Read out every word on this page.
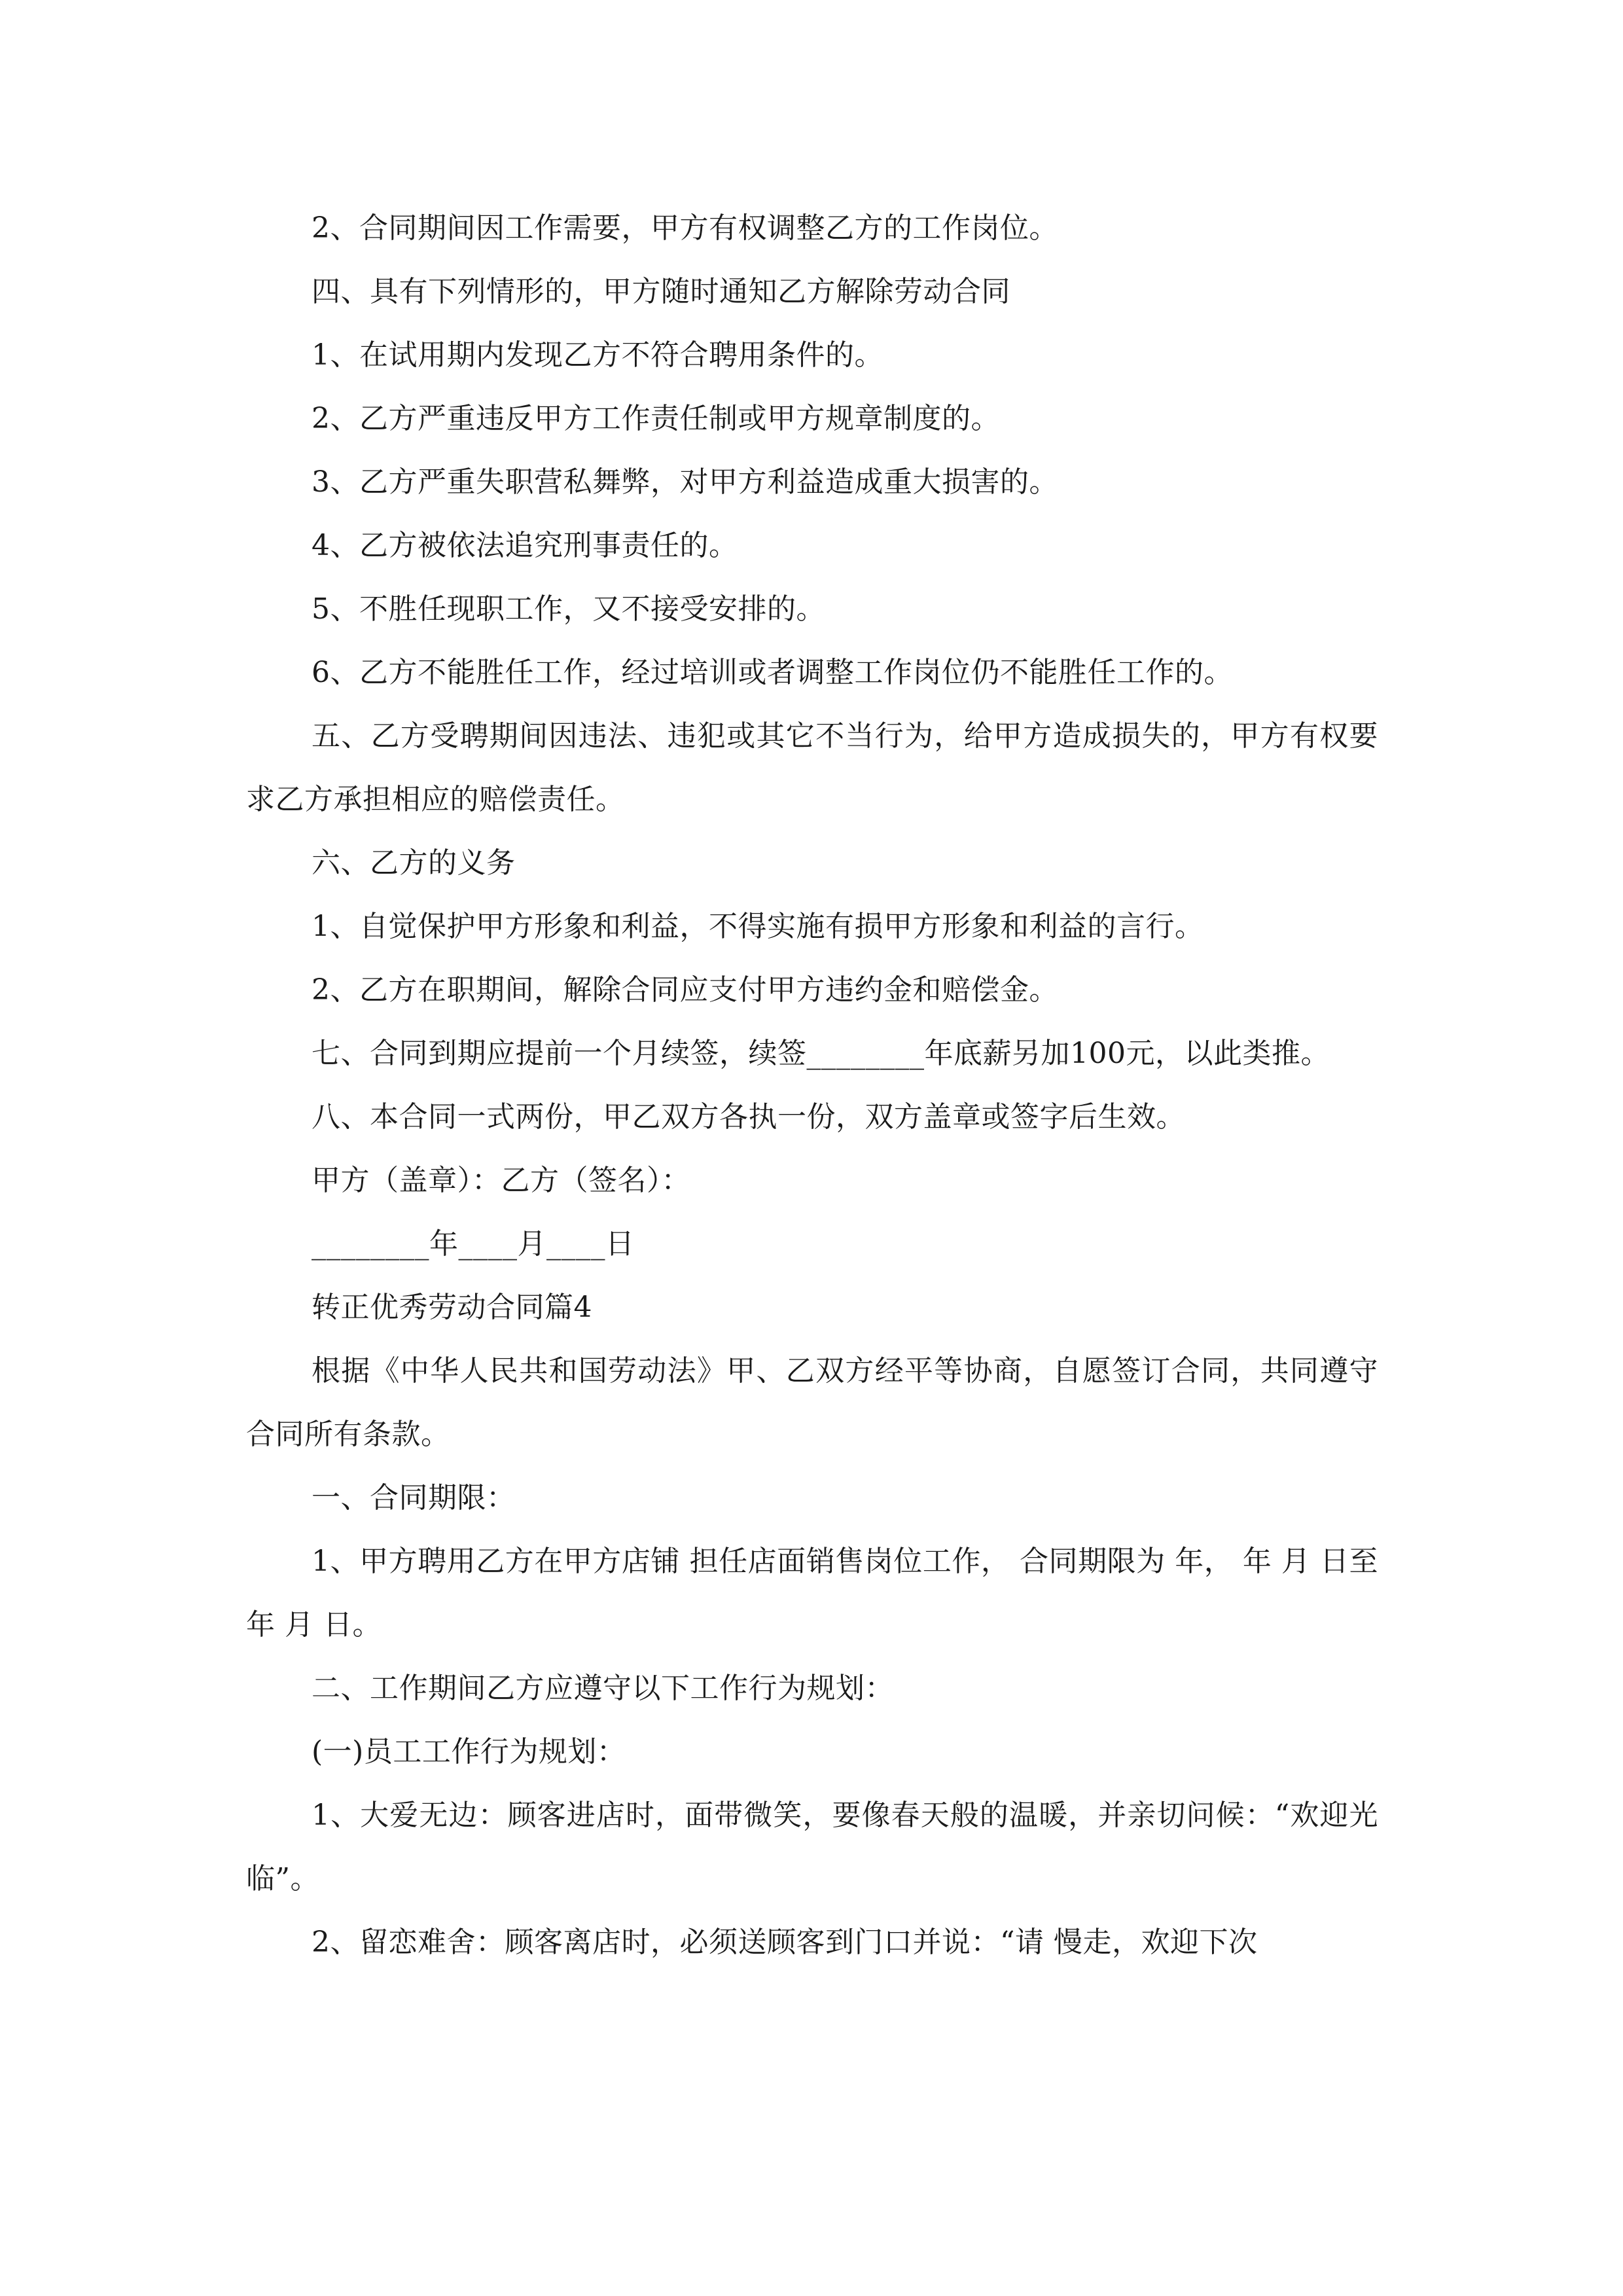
2、合同期间因工作需要，甲方有权调整乙方的工作岗位。

四、具有下列情形的，甲方随时通知乙方解除劳动合同

1、在试用期内发现乙方不符合聘用条件的。

2、乙方严重违反甲方工作责任制或甲方规章制度的。

3、乙方严重失职营私舞弊，对甲方利益造成重大损害的。

4、乙方被依法追究刑事责任的。

5、不胜任现职工作，又不接受安排的。

6、乙方不能胜任工作，经过培训或者调整工作岗位仍不能胜任工作的。

五、乙方受聘期间因违法、违犯或其它不当行为，给甲方造成损失的，甲方有权要求乙方承担相应的赔偿责任。

六、乙方的义务

1、自觉保护甲方形象和利益，不得实施有损甲方形象和利益的言行。

2、乙方在职期间，解除合同应支付甲方违约金和赔偿金。

七、合同到期应提前一个月续签，续签________年底薪另加100元，以此类推。

八、本合同一式两份，甲乙双方各执一份，双方盖章或签字后生效。

甲方（盖章）：乙方（签名）：

________年____月____日

转正优秀劳动合同篇4

根据《中华人民共和国劳动法》甲、乙双方经平等协商，自愿签订合同，共同遵守合同所有条款。

一、合同期限：

1、甲方聘用乙方在甲方店铺 担任店面销售岗位工作， 合同期限为 年， 年 月 日至 年 月 日。

二、工作期间乙方应遵守以下工作行为规划：

(一)员工工作行为规划：

1、大爱无边：顾客进店时，面带微笑，要像春天般的温暖，并亲切问候：“欢迎光临”。

2、留恋难舍：顾客离店时，必须送顾客到门口并说：“请 慢走，欢迎下次
